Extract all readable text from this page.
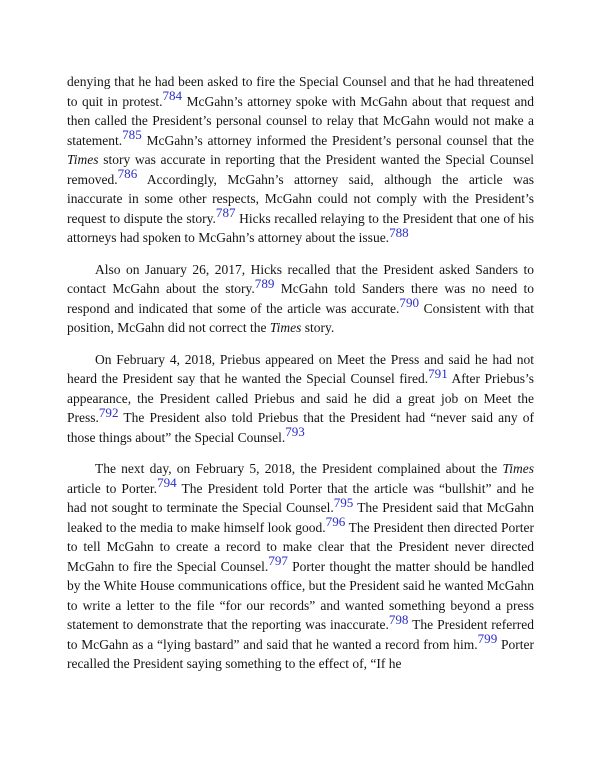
denying that he had been asked to fire the Special Counsel and that he had threatened to quit in protest.784 McGahn’s attorney spoke with McGahn about that request and then called the President’s personal counsel to relay that McGahn would not make a statement.785 McGahn’s attorney informed the President’s personal counsel that the Times story was accurate in reporting that the President wanted the Special Counsel removed.786 Accordingly, McGahn’s attorney said, although the article was inaccurate in some other respects, McGahn could not comply with the President’s request to dispute the story.787 Hicks recalled relaying to the President that one of his attorneys had spoken to McGahn’s attorney about the issue.788

Also on January 26, 2017, Hicks recalled that the President asked Sanders to contact McGahn about the story.789 McGahn told Sanders there was no need to respond and indicated that some of the article was accurate.790 Consistent with that position, McGahn did not correct the Times story.

On February 4, 2018, Priebus appeared on Meet the Press and said he had not heard the President say that he wanted the Special Counsel fired.791 After Priebus’s appearance, the President called Priebus and said he did a great job on Meet the Press.792 The President also told Priebus that the President had “never said any of those things about” the Special Counsel.793

The next day, on February 5, 2018, the President complained about the Times article to Porter.794 The President told Porter that the article was “bullshit” and he had not sought to terminate the Special Counsel.795 The President said that McGahn leaked to the media to make himself look good.796 The President then directed Porter to tell McGahn to create a record to make clear that the President never directed McGahn to fire the Special Counsel.797 Porter thought the matter should be handled by the White House communications office, but the President said he wanted McGahn to write a letter to the file “for our records” and wanted something beyond a press statement to demonstrate that the reporting was inaccurate.798 The President referred to McGahn as a “lying bastard” and said that he wanted a record from him.799 Porter recalled the President saying something to the effect of, “If he
